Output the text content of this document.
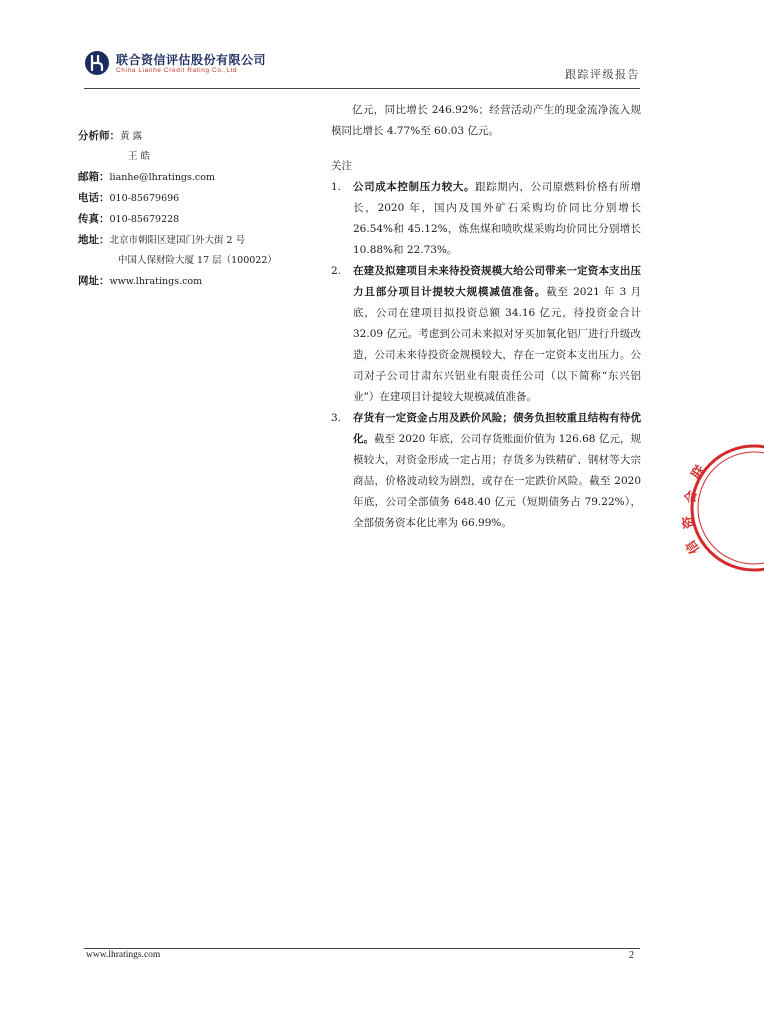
联合资信评估股份有限公司
China Lianhe Credit Rating Co.,Ltd	跟踪评级报告
分析师：黄 露
王 皓
邮箱：lianhe@lhratings.com
电话：010-85679696
传真：010-85679228
地址：北京市朝阳区建国门外大街 2 号
中国人保财险大厦 17 层（100022）
网址：www.lhratings.com

亿元，同比增长 246.92%；经营活动产生的现金流净流入规模同比增长 4.77%至 60.03 亿元。

关注

1.	公司成本控制压力较大。跟踪期内，公司原燃料价格有所增长，2020 年，国内及国外矿石采购均价同比分别增长 26.54%和 45.12%，炼焦煤和喷吹煤采购均价同比分别增长 10.88%和 22.73%。
2.	在建及拟建项目未来待投资规模大给公司带来一定资本支出压力且部分项目计提较大规模减值准备。截至 2021 年 3 月底，公司在建项目拟投资总额 34.16 亿元，待投资金合计 32.09 亿元。考虑到公司未来拟对牙买加氧化铝厂进行升级改造，公司未来待投资金规模较大，存在一定资本支出压力。公司对子公司甘肃东兴铝业有限责任公司（以下简称“东兴铝业”）在建项目计提较大规模减值准备。
3.	存货有一定资金占用及跌价风险；债务负担较重且结构有待优化。截至 2020 年底，公司存货账面价值为 126.68 亿元，规模较大，对资金形成一定占用；存货多为铁精矿、钢材等大宗商品，价格波动较为剧烈，或存在一定跌价风险。截至 2020 年底，公司全部债务 648.40 亿元（短期债务占 79.22%），全部债务资本化比率为 66.99%。
联
合
资
信
www.lhratings.com	2
